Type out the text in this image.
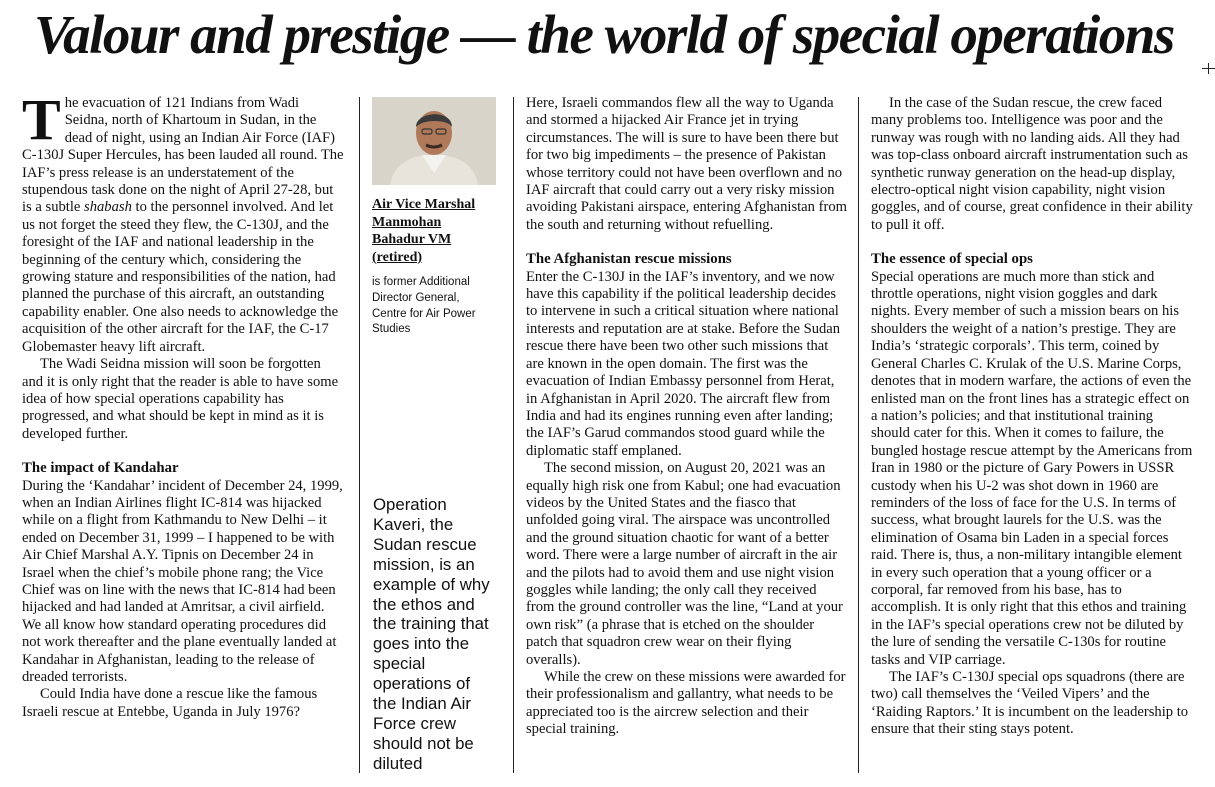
Valour and prestige — the world of special operations

The evacuation of 121 Indians from Wadi Seidna, north of Khartoum in Sudan, in the dead of night, using an Indian Air Force (IAF) C-130J Super Hercules, has been lauded all round. The IAF’s press release is an understatement of the stupendous task done on the night of April 27-28, but is a subtle shabash to the personnel involved. And let us not forget the steed they flew, the C-130J, and the foresight of the IAF and national leadership in the beginning of the century which, considering the growing stature and responsibilities of the nation, had planned the purchase of this aircraft, an outstanding capability enabler. One also needs to acknowledge the acquisition of the other aircraft for the IAF, the C-17 Globemaster heavy lift aircraft.

The Wadi Seidna mission will soon be forgotten and it is only right that the reader is able to have some idea of how special operations capability has progressed, and what should be kept in mind as it is developed further.

The impact of Kandahar

During the ‘Kandahar’ incident of December 24, 1999, when an Indian Airlines flight IC-814 was hijacked while on a flight from Kathmandu to New Delhi – it ended on December 31, 1999 – I happened to be with Air Chief Marshal A.Y. Tipnis on December 24 in Israel when the chief’s mobile phone rang; the Vice Chief was on line with the news that IC-814 had been hijacked and had landed at Amritsar, a civil airfield. We all know how standard operating procedures did not work thereafter and the plane eventually landed at Kandahar in Afghanistan, leading to the release of dreaded terrorists.

Could India have done a rescue like the famous Israeli rescue at Entebbe, Uganda in July 1976?

Air Vice Marshal Manmohan Bahadur VM (retired)
is former Additional Director General, Centre for Air Power Studies
Operation Kaveri, the Sudan rescue mission, is an example of why the ethos and the training that goes into the special operations of the Indian Air Force crew should not be diluted

Here, Israeli commandos flew all the way to Uganda and stormed a hijacked Air France jet in trying circumstances. The will is sure to have been there but for two big impediments – the presence of Pakistan whose territory could not have been overflown and no IAF aircraft that could carry out a very risky mission avoiding Pakistani airspace, entering Afghanistan from the south and returning without refuelling.

The Afghanistan rescue missions

Enter the C-130J in the IAF’s inventory, and we now have this capability if the political leadership decides to intervene in such a critical situation where national interests and reputation are at stake. Before the Sudan rescue there have been two other such missions that are known in the open domain. The first was the evacuation of Indian Embassy personnel from Herat, in Afghanistan in April 2020. The aircraft flew from India and had its engines running even after landing; the IAF’s Garud commandos stood guard while the diplomatic staff emplaned.

The second mission, on August 20, 2021 was an equally high risk one from Kabul; one had evacuation videos by the United States and the fiasco that unfolded going viral. The airspace was uncontrolled and the ground situation chaotic for want of a better word. There were a large number of aircraft in the air and the pilots had to avoid them and use night vision goggles while landing; the only call they received from the ground controller was the line, “Land at your own risk” (a phrase that is etched on the shoulder patch that squadron crew wear on their flying overalls).

While the crew on these missions were awarded for their professionalism and gallantry, what needs to be appreciated too is the aircrew selection and their special training.

In the case of the Sudan rescue, the crew faced many problems too. Intelligence was poor and the runway was rough with no landing aids. All they had was top-class onboard aircraft instrumentation such as synthetic runway generation on the head-up display, electro-optical night vision capability, night vision goggles, and of course, great confidence in their ability to pull it off.

The essence of special ops

Special operations are much more than stick and throttle operations, night vision goggles and dark nights. Every member of such a mission bears on his shoulders the weight of a nation’s prestige. They are India’s ‘strategic corporals’. This term, coined by General Charles C. Krulak of the U.S. Marine Corps, denotes that in modern warfare, the actions of even the enlisted man on the front lines has a strategic effect on a nation’s policies; and that institutional training should cater for this. When it comes to failure, the bungled hostage rescue attempt by the Americans from Iran in 1980 or the picture of Gary Powers in USSR custody when his U-2 was shot down in 1960 are reminders of the loss of face for the U.S. In terms of success, what brought laurels for the U.S. was the elimination of Osama bin Laden in a special forces raid. There is, thus, a non-military intangible element in every such operation that a young officer or a corporal, far removed from his base, has to accomplish. It is only right that this ethos and training in the IAF’s special operations crew not be diluted by the lure of sending the versatile C-130s for routine tasks and VIP carriage.

The IAF’s C-130J special ops squadrons (there are two) call themselves the ‘Veiled Vipers’ and the ‘Raiding Raptors.’ It is incumbent on the leadership to ensure that their sting stays potent.
